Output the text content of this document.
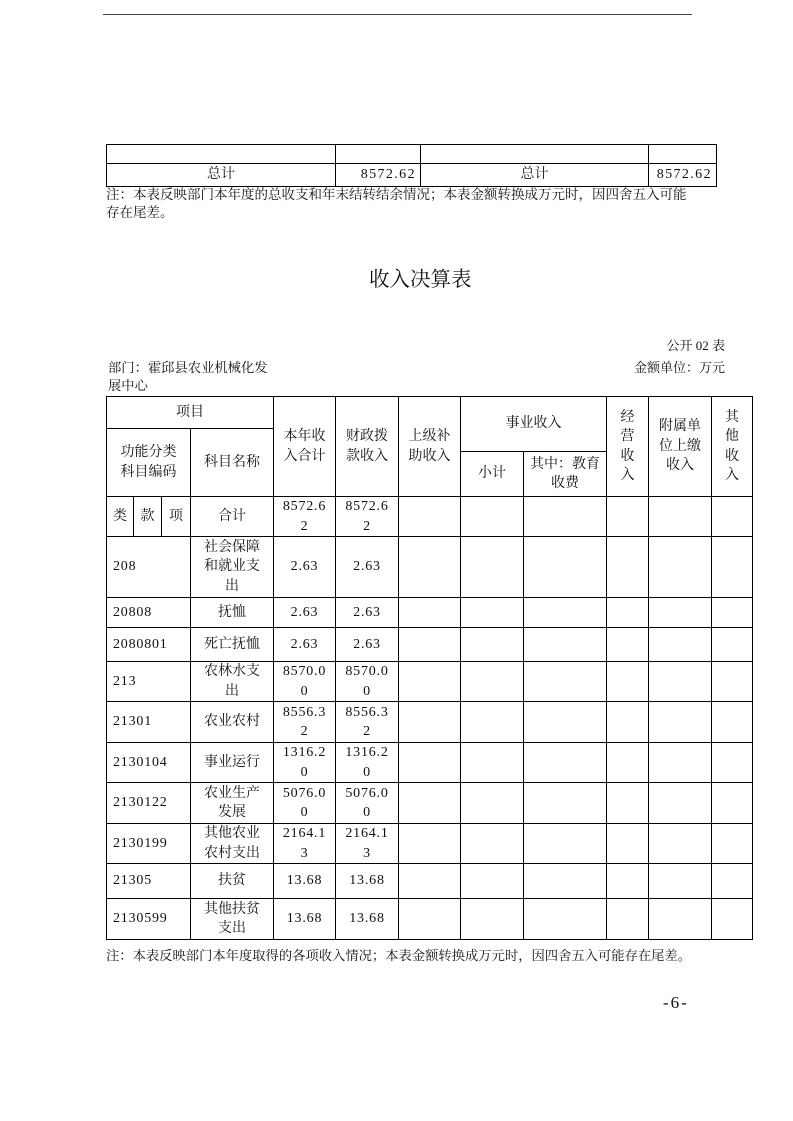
总计	8572.62	总计	8572.62
注：本表反映部门本年度的总收支和年末结转结余情况；本表金额转换成万元时，因四舍五入可能存在尾差。
收入决算表
公开 02 表
部门：霍邱县农业机械化发展中心
金额单位：万元
项目				本年收入合计	财政拨款收入	上级补助收入	事业收入		经营收入	附属单位上缴收入	其他收入
功能分类科目编码			科目名称								
							小计	其中：教育收费			
类	款	项	合计	8572.62	8572.62						
208			社会保障和就业支出	2.63	2.63						
20808			抚恤	2.63	2.63						
2080801			死亡抚恤	2.63	2.63						
213			农林水支出	8570.00	8570.00						
21301			农业农村	8556.32	8556.32						
2130104			事业运行	1316.20	1316.20						
2130122			农业生产发展	5076.00	5076.00						
2130199			其他农业农村支出	2164.13	2164.13						
21305			扶贫	13.68	13.68						
2130599			其他扶贫支出	13.68	13.68						
注：本表反映部门本年度取得的各项收入情况；本表金额转换成万元时，因四舍五入可能存在尾差。
-6-
